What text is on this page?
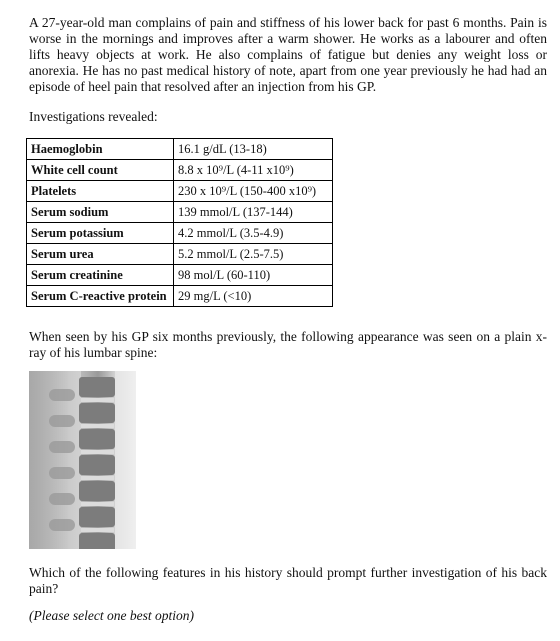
A 27-year-old man complains of pain and stiffness of his lower back for past 6 months. Pain is worse in the mornings and improves after a warm shower. He works as a labourer and often lifts heavy objects at work. He also complains of fatigue but denies any weight loss or anorexia. He has no past medical history of note, apart from one year previously he had had an episode of heel pain that resolved after an injection from his GP.

Investigations revealed:

Haemoglobin	16.1 g/dL (13-18)
White cell count	8.8 x 10⁹/L (4-11 x10⁹)
Platelets	230 x 10⁹/L (150-400 x10⁹)
Serum sodium	139 mmol/L (137-144)
Serum potassium	4.2 mmol/L (3.5-4.9)
Serum urea	5.2 mmol/L (2.5-7.5)
Serum creatinine	98 mol/L (60-110)
Serum C-reactive protein	29 mg/L (<10)

When seen by his GP six months previously, the following appearance was seen on a plain x-ray of his lumbar spine:

Which of the following features in his history should prompt further investigation of his back pain?

(Please select one best option)
